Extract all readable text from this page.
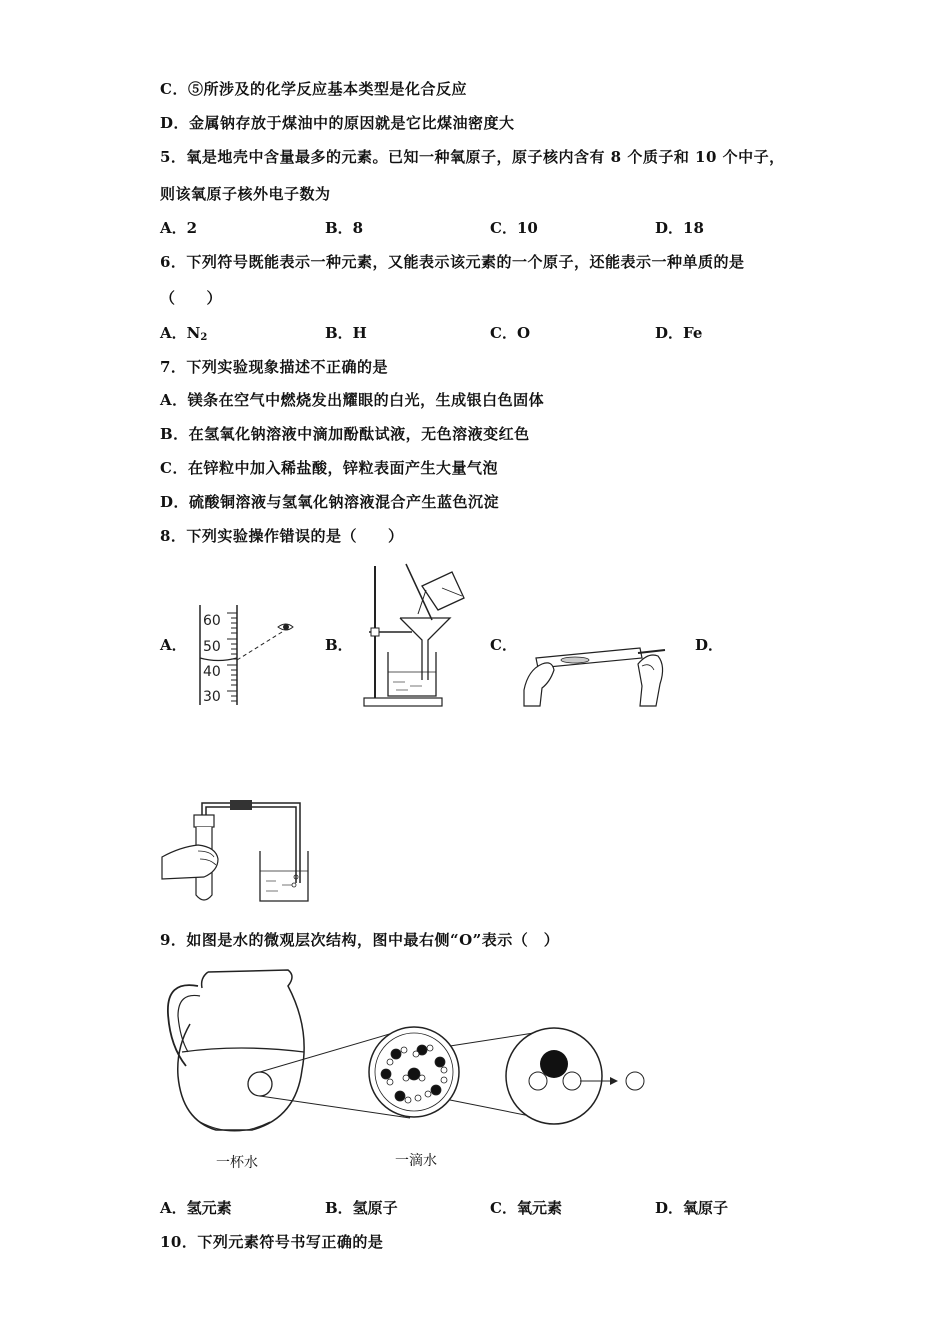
C．⑤所涉及的化学反应基本类型是化合反应
D．金属钠存放于煤油中的原因就是它比煤油密度大
5．氧是地壳中含量最多的元素。已知一种氧原子，原子核内含有 8 个质子和 10 个中子，
则该氧原子核外电子数为
A．2	B．8	C．10	D．18
6．下列符号既能表示一种元素，又能表示该元素的一个原子，还能表示一种单质的是
（　　）
A．$N_2$	B．H	C．O	D．Fe
7．下列实验现象描述不正确的是
A．镁条在空气中燃烧发出耀眼的白光，生成银白色固体
B．在氢氧化钠溶液中滴加酚酞试液，无色溶液变红色
C．在锌粒中加入稀盐酸，锌粒表面产生大量气泡
D．硫酸铜溶液与氢氧化钠溶液混合产生蓝色沉淀
8．下列实验操作错误的是（　　）
A．	B．	C．	D．
60
50
40
30
9．如图是水的微观层次结构，图中最右侧“O”表示（　）
一杯水	一滴水
A．氢元素	B．氢原子	C．氧元素	D．氧原子
10．下列元素符号书写正确的是
